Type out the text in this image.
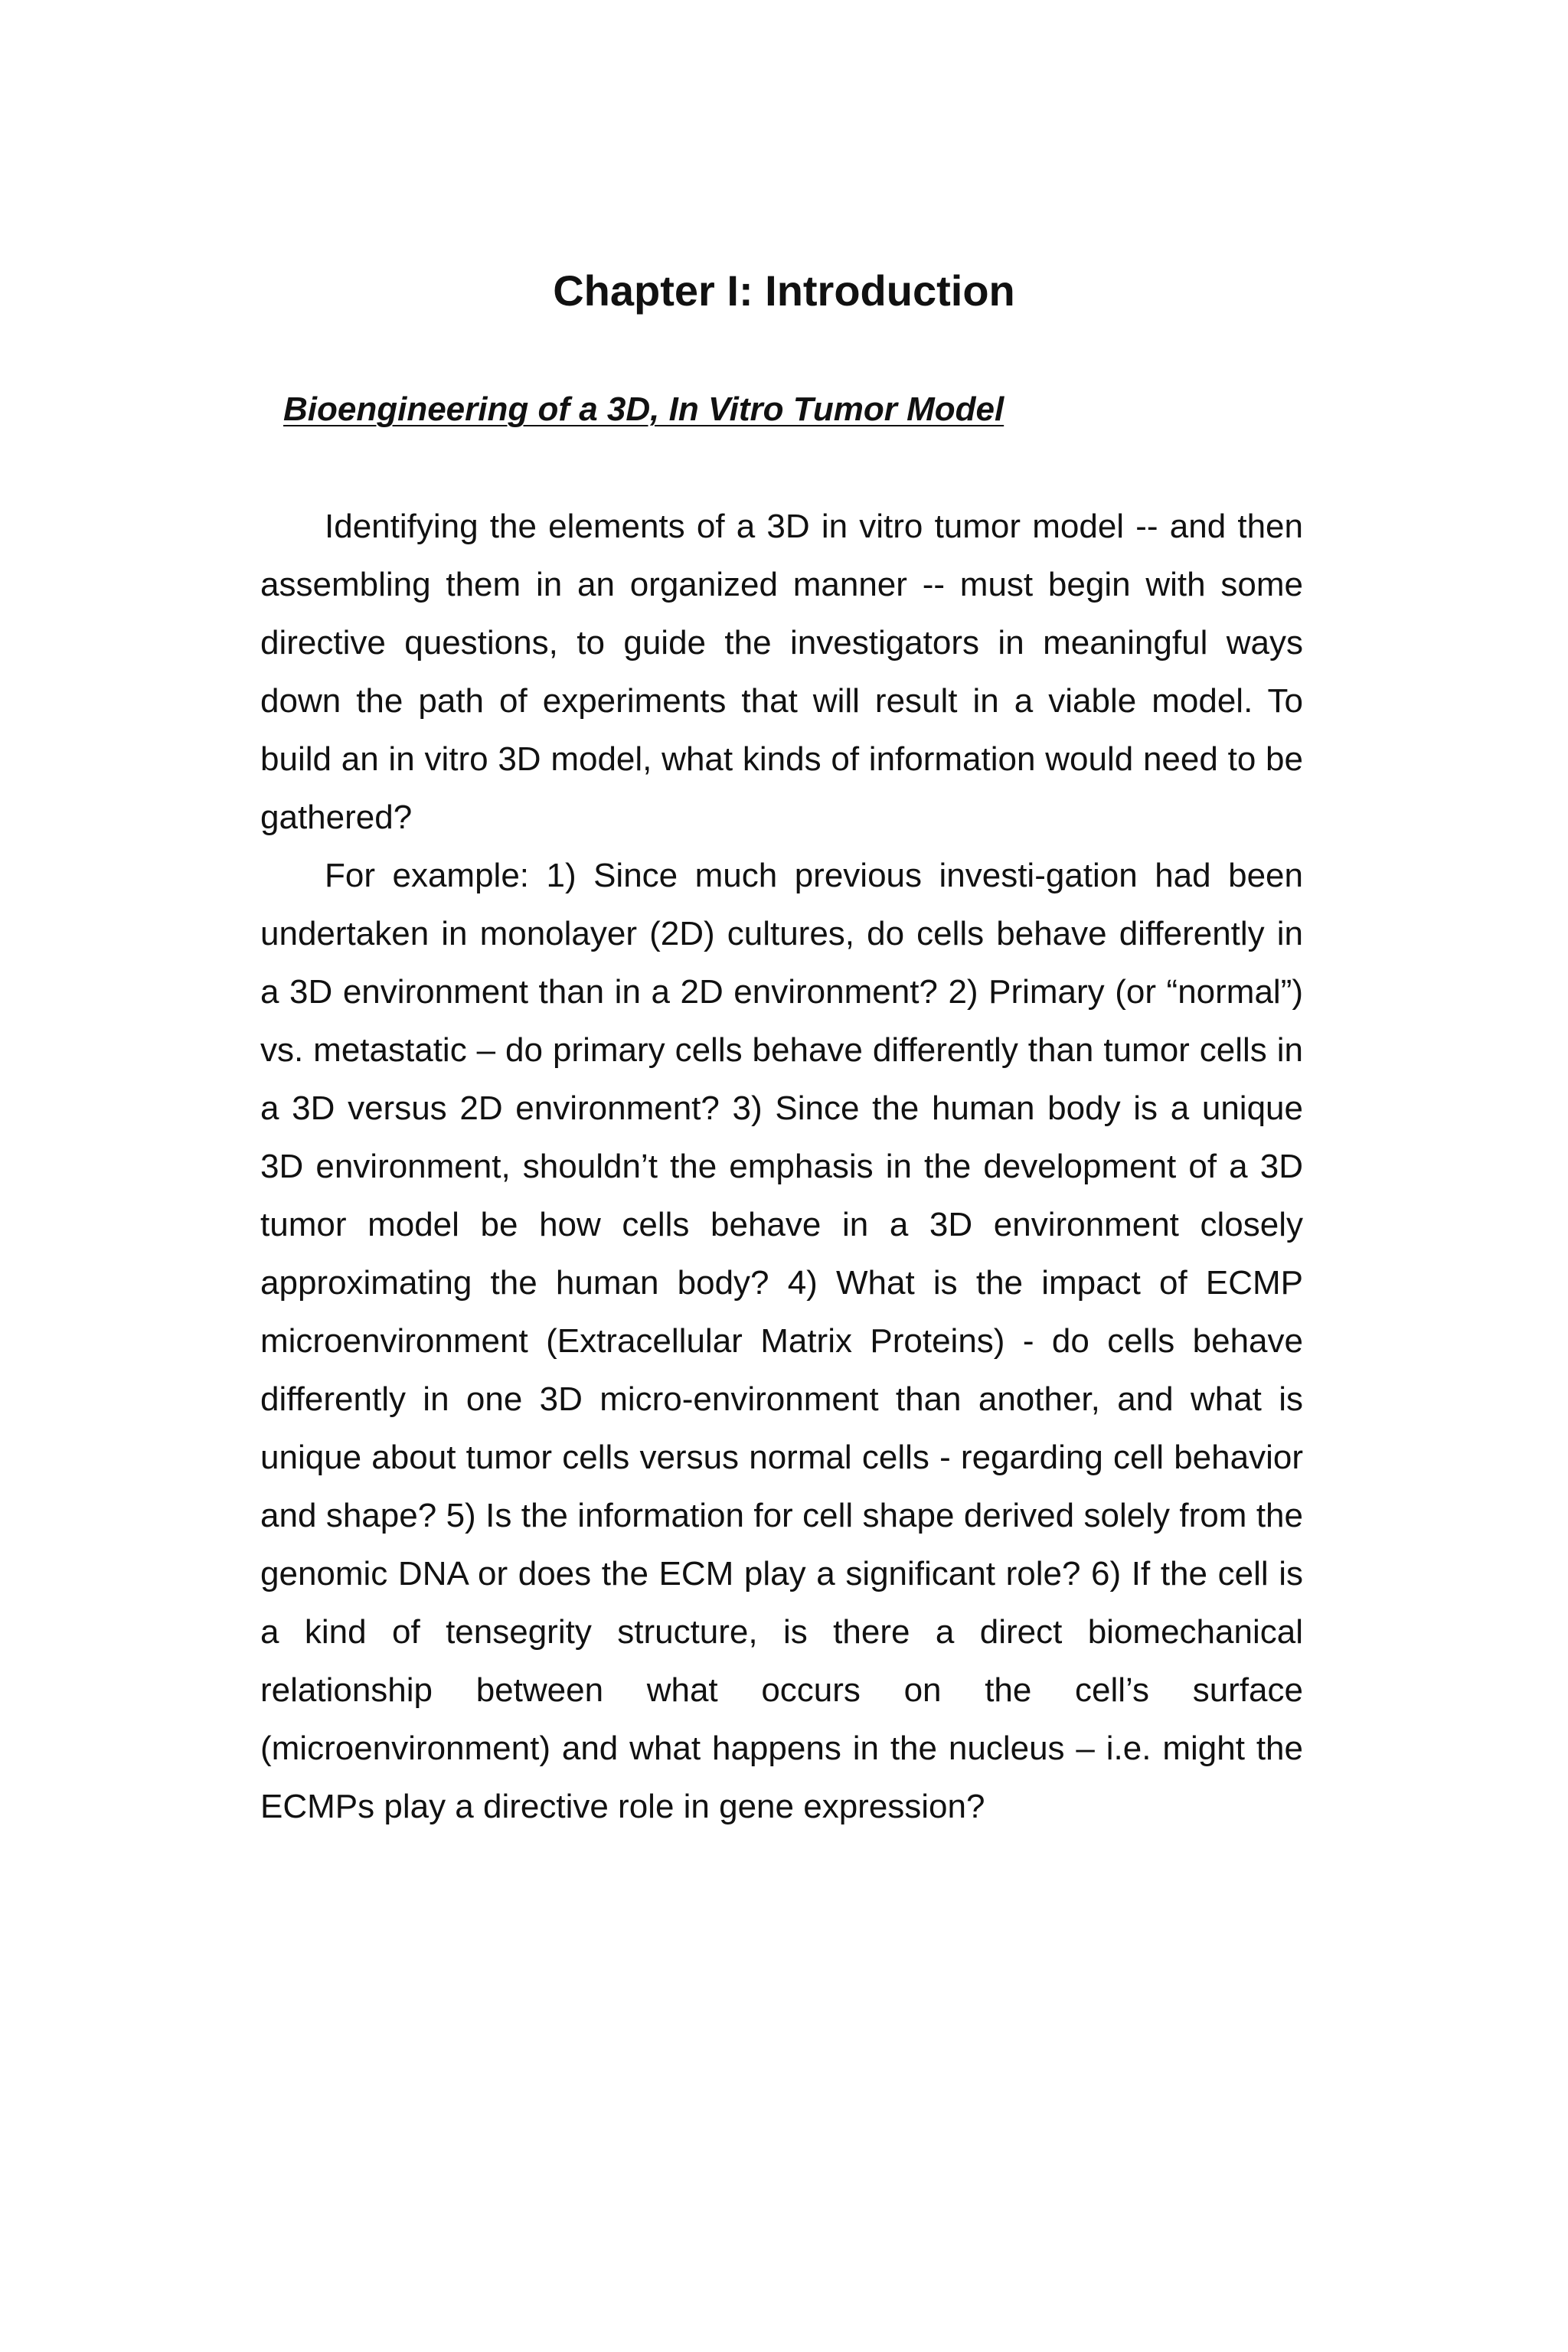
Chapter I: Introduction
Bioengineering of a 3D, In Vitro Tumor Model

Identifying the elements of a 3D in vitro tumor model -- and then assembling them in an organized manner -- must begin with some directive questions, to guide the investigators in meaningful ways down the path of experiments that will result in a viable model. To build an in vitro 3D model, what kinds of information would need to be gathered?

For example: 1) Since much previous investi-gation had been undertaken in monolayer (2D) cultures, do cells behave differently in a 3D environment than in a 2D environment? 2) Primary (or “normal”) vs. metastatic – do primary cells behave differently than tumor cells in a 3D versus 2D environment? 3) Since the human body is a unique 3D environment, shouldn’t the emphasis in the development of a 3D tumor model be how cells behave in a 3D environment closely approximating the human body? 4) What is the impact of ECMP microenvironment (Extracellular Matrix Proteins) - do cells behave differently in one 3D micro-environment than another, and what is unique about tumor cells versus normal cells - regarding cell behavior and shape? 5) Is the information for cell shape derived solely from the genomic DNA or does the ECM play a significant role? 6) If the cell is a kind of tensegrity structure, is there a direct biomechanical relationship between what occurs on the cell’s surface (microenvironment) and what happens in the nucleus – i.e. might the ECMPs play a directive role in gene expression?
